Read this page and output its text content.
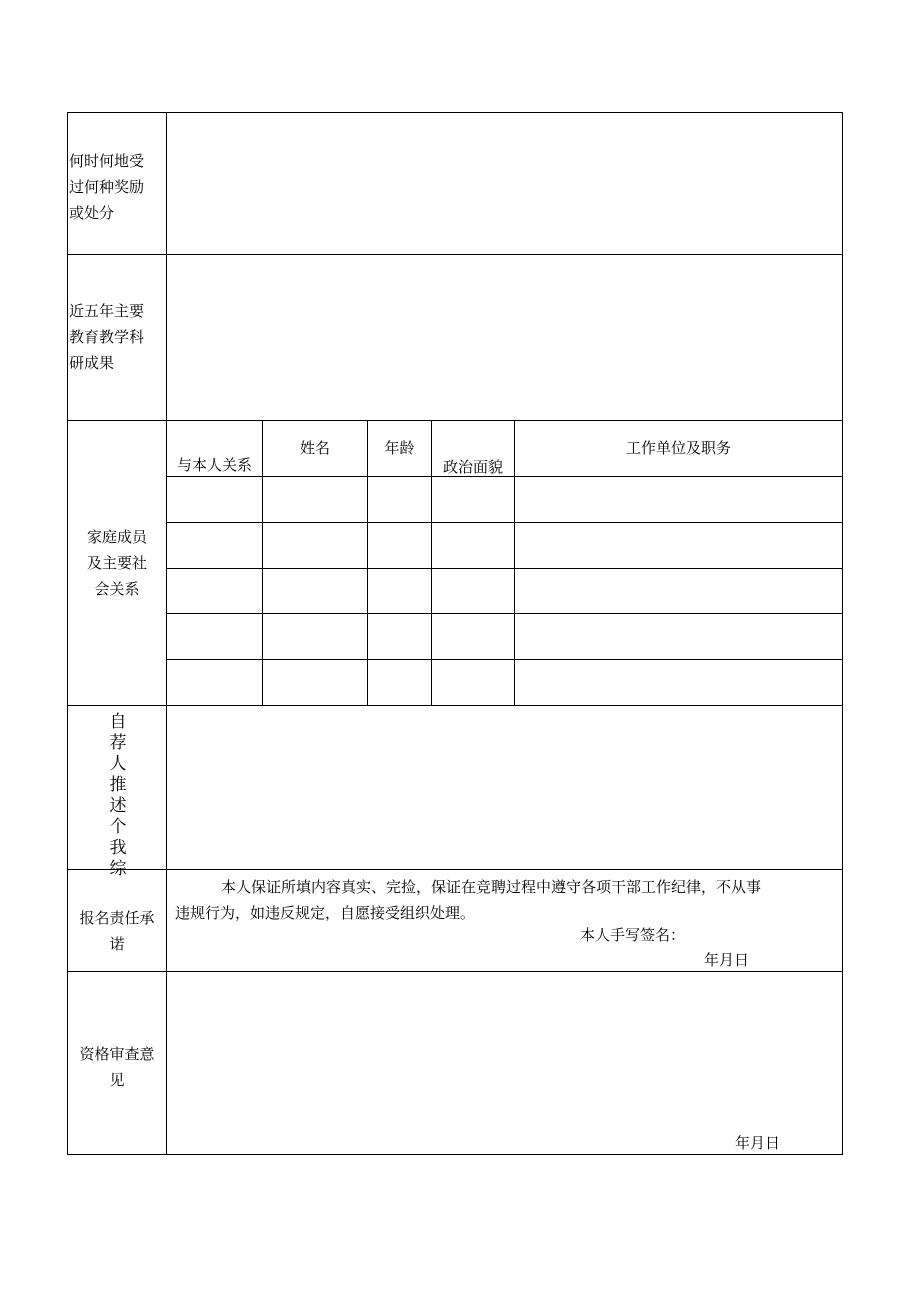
何时何地受
过何种奖励
或处分
近五年主要
教育教学科
研成果
家庭成员
及主要社
会关系
与本人关系
姓名	年龄
政治面貌
工作单位及职务
自
荐
人
推
述
个
我
综
报名责任承
诺
本人保证所填内容真实、完捡，保证在竞聘过程中遵守各项干部工作纪律，不从事
违规行为，如违反规定，自愿接受组织处理。
本人手写签名：
年月日
资格审查意
见
年月日
